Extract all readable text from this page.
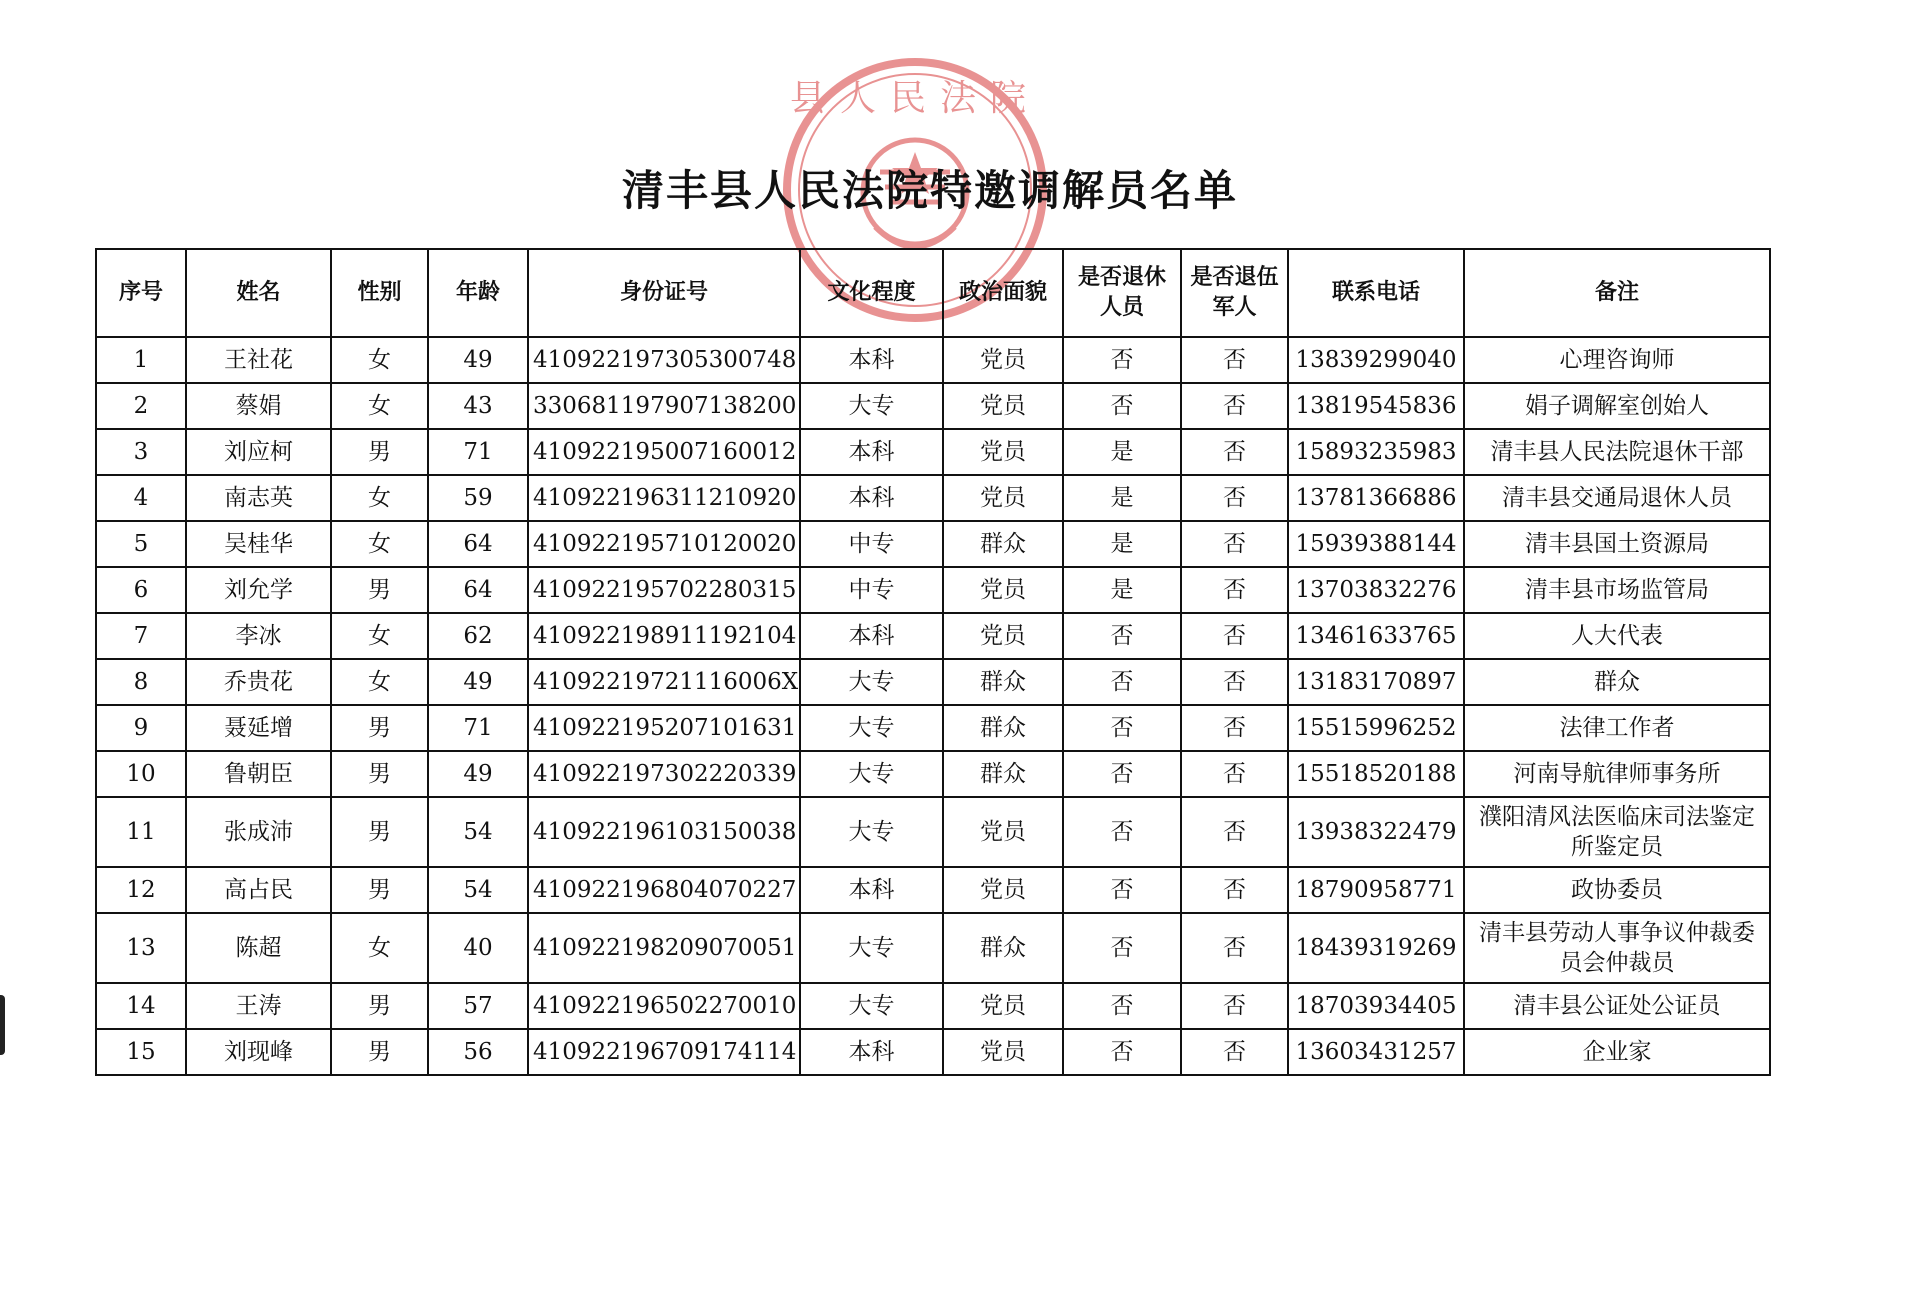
县人民法院
清丰县人民法院特邀调解员名单
序号	姓名	性别	年龄	身份证号	文化程度	政治面貌	是否退休人员	是否退伍军人	联系电话	备注
1	王社花	女	49	410922197305300748	本科	党员	否	否	13839299040	心理咨询师
2	蔡娟	女	43	330681197907138200	大专	党员	否	否	13819545836	娟子调解室创始人
3	刘应柯	男	71	410922195007160012	本科	党员	是	否	15893235983	清丰县人民法院退休干部
4	南志英	女	59	410922196311210920	本科	党员	是	否	13781366886	清丰县交通局退休人员
5	吴桂华	女	64	410922195710120020	中专	群众	是	否	15939388144	清丰县国土资源局
6	刘允学	男	64	410922195702280315	中专	党员	是	否	13703832276	清丰县市场监管局
7	李冰	女	62	410922198911192104	本科	党员	否	否	13461633765	人大代表
8	乔贵花	女	49	41092219721116006X	大专	群众	否	否	13183170897	群众
9	聂延增	男	71	410922195207101631	大专	群众	否	否	15515996252	法律工作者
10	鲁朝臣	男	49	410922197302220339	大专	群众	否	否	15518520188	河南导航律师事务所
11	张成沛	男	54	410922196103150038	大专	党员	否	否	13938322479	濮阳清风法医临床司法鉴定所鉴定员
12	高占民	男	54	410922196804070227	本科	党员	否	否	18790958771	政协委员
13	陈超	女	40	410922198209070051	大专	群众	否	否	18439319269	清丰县劳动人事争议仲裁委员会仲裁员
14	王涛	男	57	410922196502270010	大专	党员	否	否	18703934405	清丰县公证处公证员
15	刘现峰	男	56	410922196709174114	本科	党员	否	否	13603431257	企业家
